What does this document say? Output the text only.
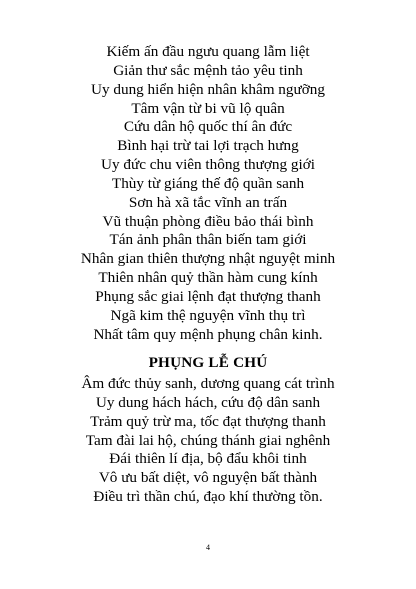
Kiếm ấn đầu ngưu quang lẫm liệt
Giản thư sắc mệnh tảo yêu tinh
Uy dung hiển hiện nhân khâm ngưỡng
Tâm vận từ bi vũ lộ quân
Cứu dân hộ quốc thí ân đức
Bình hại trừ tai lợi trạch hưng
Uy đức chu viên thông thượng giới
Thùy từ giáng thế độ quần sanh
Sơn hà xã tắc vĩnh an trấn
Vũ thuận phòng điều bảo thái bình
Tán ảnh phân thân biến tam giới
Nhân gian thiên thượng nhật nguyệt minh
Thiên nhân quỷ thần hàm cung kính
Phụng sắc giai lệnh đạt thượng thanh
Ngã kim thệ nguyện vĩnh thụ trì
Nhất tâm quy mệnh phụng chân kinh.
PHỤNG LỄ CHÚ
Âm đức thủy sanh, dương quang cát trình
Uy dung hách hách, cứu độ dân sanh
Trảm quỷ trừ ma, tốc đạt thượng thanh
Tam đài lai hộ, chúng thánh giai nghênh
Đái thiên lí địa, bộ đẩu khôi tinh
Vô ưu bất diệt, vô nguyện bất thành
Điều trì thần chú, đạo khí thường tồn.
4
